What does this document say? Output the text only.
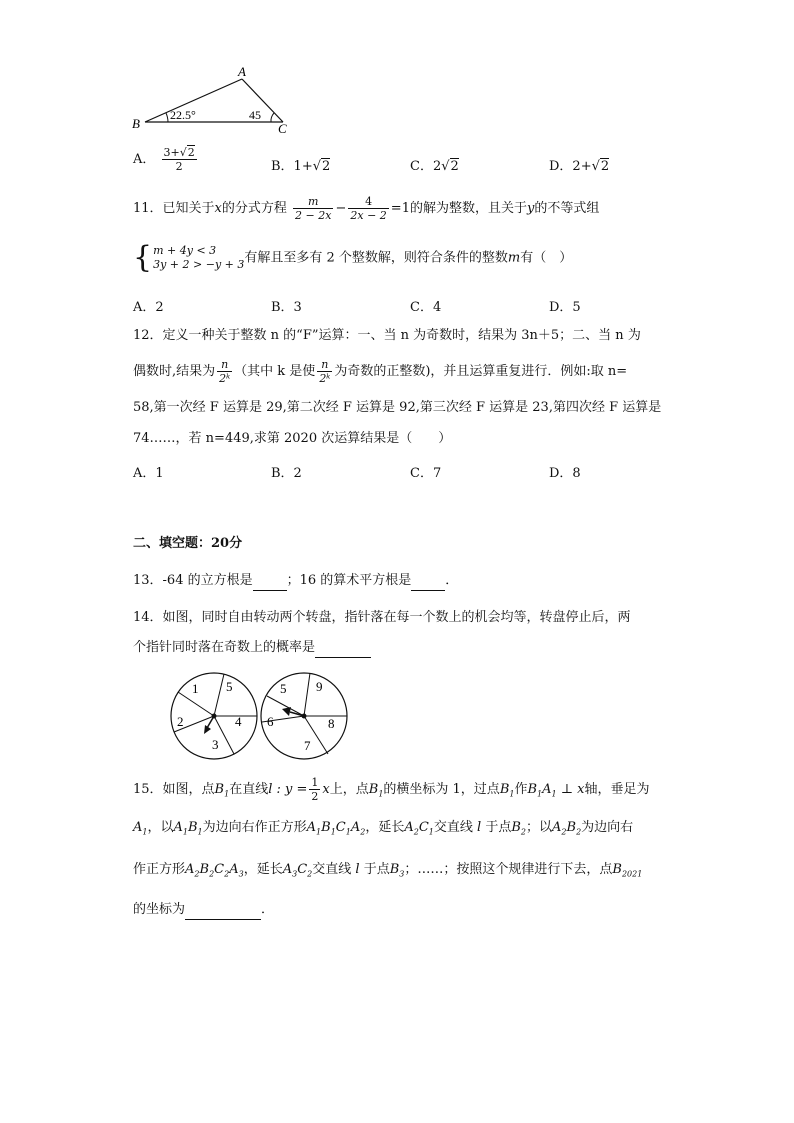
A
B	C
22.5°	45
A． $\frac{3+√2}{2}$	B．1+√2	C．2√2	D．2+√2
11．已知关于x的分式方程 $\frac{m}{2 - 2x} - \frac{4}{2x - 2} =1$的解为整数，且关于y的不等式组
{ m + 4y < 3
3y + 2 > −y + 3 有解且至多有 2 个整数解，则符合条件的整数m有（　）
A．2	B．3	C．4	D．5
12．定义一种关于整数 n 的“F”运算：一、当 n 为奇数时，结果为 3n＋5；二、当 n 为
偶数时,结果为 $\frac{n}{\text{2ᵏ}}$ （其中 k 是使 $\frac{n}{\text{2ᵏ}}$ 为奇数的正整数)，并且运算重复进行．例如:取 n=
58,第一次经 F 运算是 29,第二次经 F 运算是 92,第三次经 F 运算是 23,第四次经 F 运算是
74……，若 n=449,求第 2020 次运算结果是（　　）
A．1	B．2	C．7	D．8
二、填空题：20分
13．-64 的立方根是	；16 的算术平方根是	．
14．如图，同时自由转动两个转盘，指针落在每一个数上的机会均等，转盘停止后，两
个指针同时落在奇数上的概率是
1 5
2	4
3
5 9
6	8
7
15．如图，点$B_1$在直线l : $y = \frac{1}{2}$ x上，点$B_1$的横坐标为 1，过点$B_1$作$B_1A_1$ ⊥ x轴，垂足为
$A_1$，以$A_1B_1$为边向右作正方形$A_1B_1C_1A_2$，延长$A_2C_1$交直线 l 于点$B_2$；以$A_2B_2$为边向右
作正方形$A_2B_2C_2A_3$，延长$A_3C_2$交直线 l 于点$B_3$；……；按照这个规律进行下去，点$B_{2021}$
的坐标为	．
